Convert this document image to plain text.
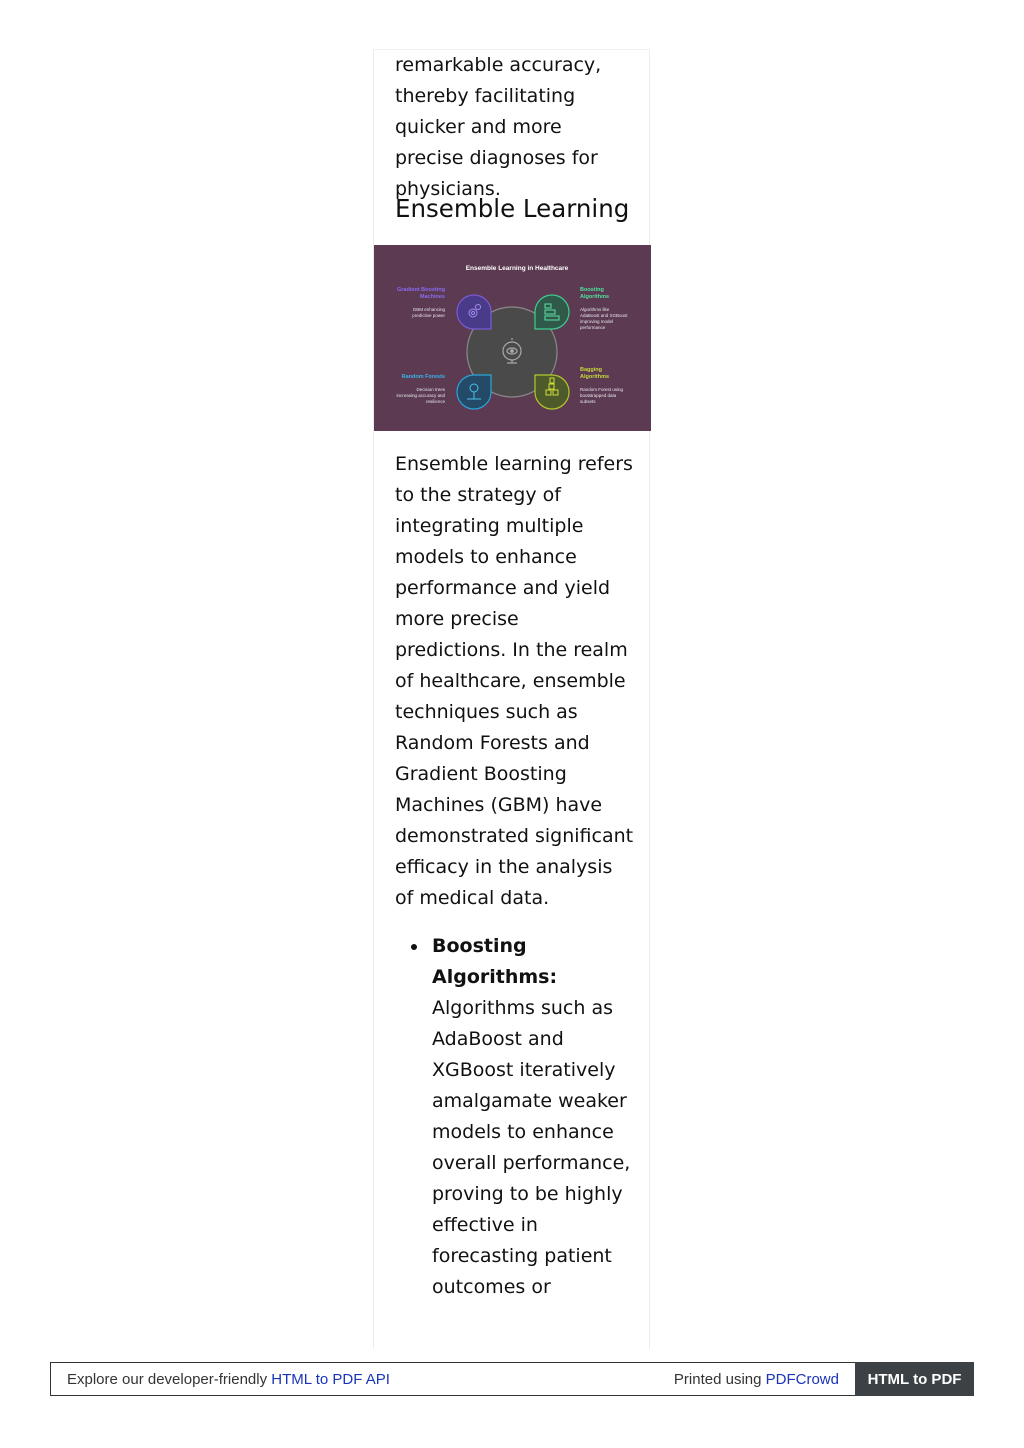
remarkable accuracy, thereby facilitating quicker and more precise diagnoses for physicians.

Ensemble Learning
Ensemble Learning in Healthcare
Gradient Boosting
Machines
GBM enhancing
predictive power
Boosting
Algorithms
Algorithms like
AdaBoost and XGBoost
improving model
performance
Random Forests
Decision trees
increasing accuracy and
resilience
Bagging
Algorithms
Random Forest using
bootstrapped data
subsets

Ensemble learning refers to the strategy of integrating multiple models to enhance performance and yield more precise predictions. In the realm of healthcare, ensemble techniques such as Random Forests and Gradient Boosting Machines (GBM) have demonstrated significant efficacy in the analysis of medical data.

Boosting Algorithms: Algorithms such as AdaBoost and XGBoost iteratively amalgamate weaker models to enhance overall performance, proving to be highly effective in forecasting patient outcomes or
Explore our developer-friendly HTML to PDF API	Printed using PDFCrowd	HTML to PDF
